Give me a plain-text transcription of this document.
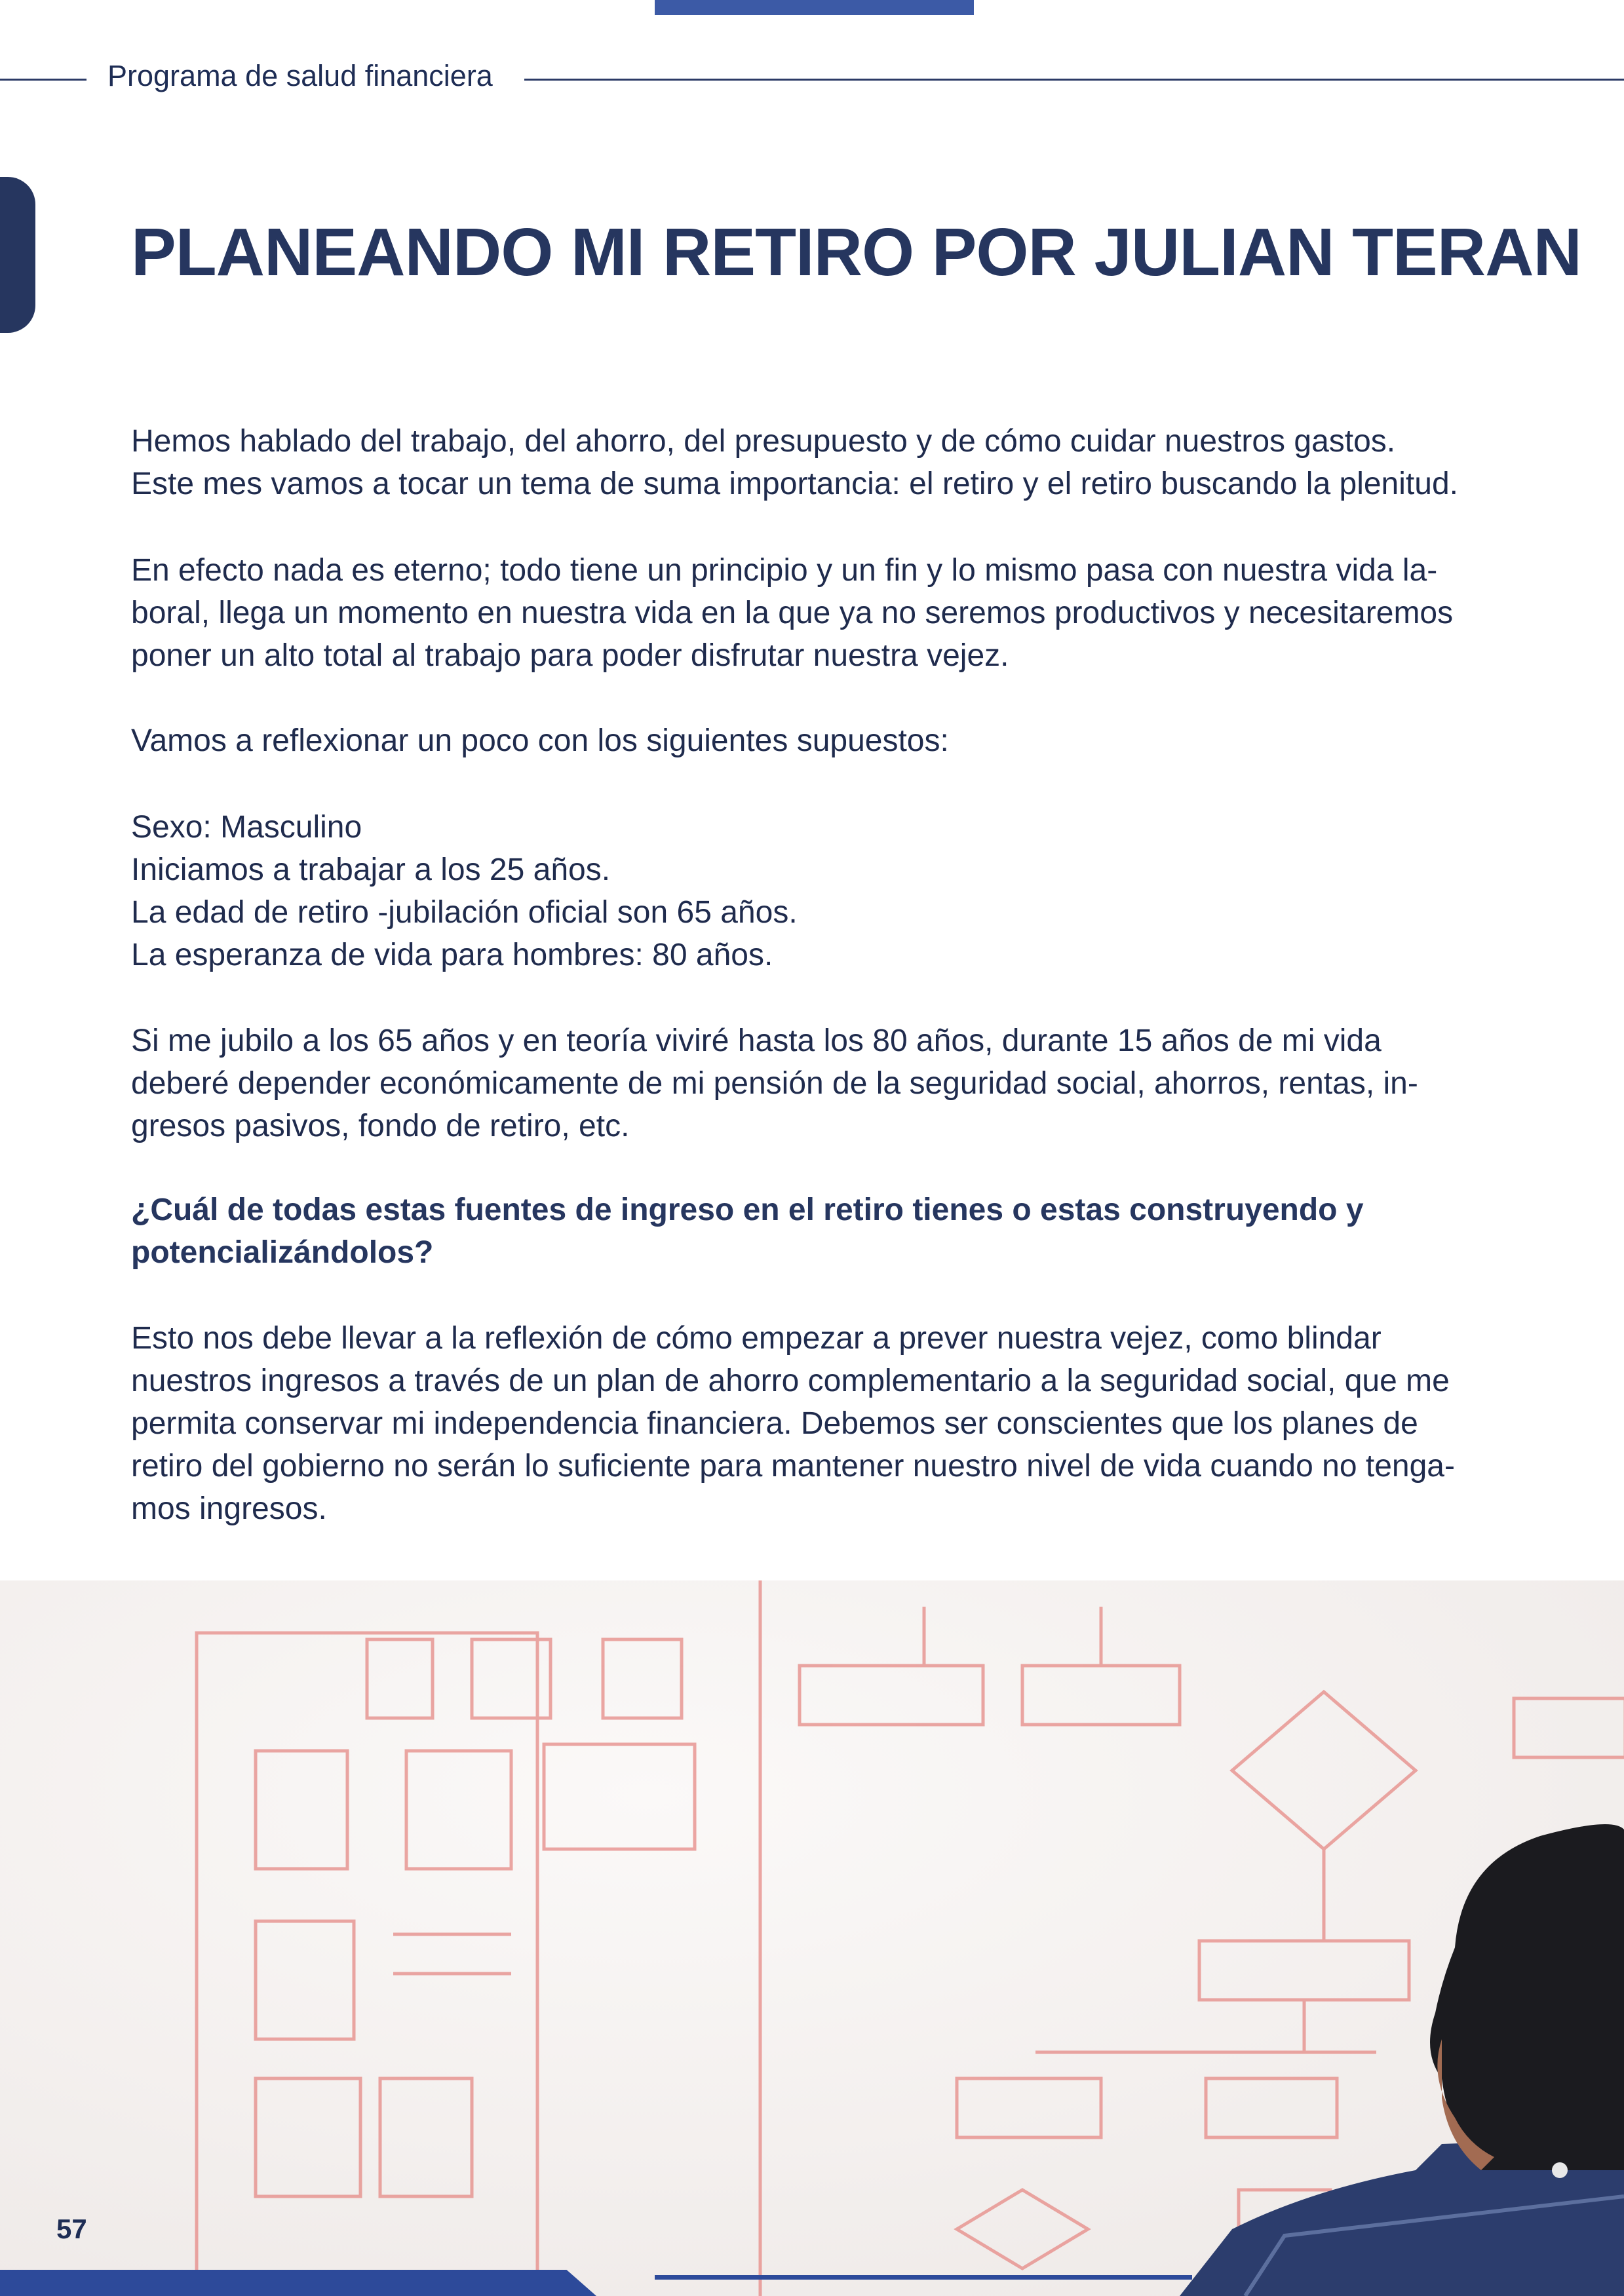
Programa de salud financiera
PLANEANDO MI RETIRO POR JULIAN TERAN

Hemos hablado del trabajo, del ahorro, del presupuesto y de cómo cuidar nuestros gastos.
Este mes vamos a tocar un tema de suma importancia: el retiro y el retiro buscando la plenitud.

En efecto nada es eterno; todo tiene un principio y un fin y lo mismo pasa con nuestra vida la-
boral, llega un momento en nuestra vida en la que ya no seremos productivos y necesitaremos
poner un alto total al trabajo para poder disfrutar nuestra vejez.

Vamos a reflexionar un poco con los siguientes supuestos:

Sexo: Masculino
Iniciamos a trabajar a los 25 años.
La edad de retiro -jubilación oficial son 65 años.
La esperanza de vida para hombres: 80 años.

Si me jubilo a los 65 años y en teoría viviré hasta los 80 años, durante 15 años de mi vida
deberé depender económicamente de mi pensión de la seguridad social, ahorros, rentas, in-
gresos pasivos, fondo de retiro, etc.

¿Cuál de todas estas fuentes de ingreso en el retiro tienes o estas construyendo y
potencializándolos?

Esto nos debe llevar a la reflexión de cómo empezar a prever nuestra vejez, como blindar
nuestros ingresos a través de un plan de ahorro complementario a la seguridad social, que me
permita conservar mi independencia financiera. Debemos ser conscientes que los planes de
retiro del gobierno no serán lo suficiente para mantener nuestro nivel de vida cuando no tenga-
mos ingresos.

57
